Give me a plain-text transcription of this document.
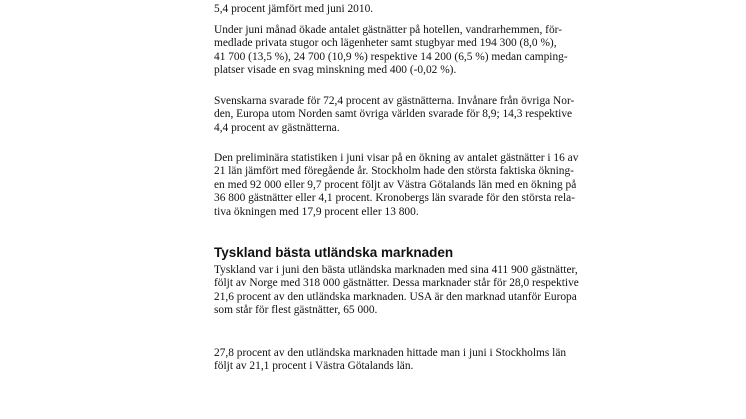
5,4 procent jämfört med juni 2010.

Under juni månad ökade antalet gästnätter på hotellen, vandrarhemmen, för-
medlade privata stugor och lägenheter samt stugbyar med 194 300 (8,0 %),
41 700 (13,5 %), 24 700 (10,9 %) respektive 14 200 (6,5 %) medan camping-
platser visade en svag minskning med 400 (-0,02 %).

Svenskarna svarade för 72,4 procent av gästnätterna. Invånare från övriga Nor-
den, Europa utom Norden samt övriga världen svarade för 8,9; 14,3 respektive
4,4 procent av gästnätterna.

Den preliminära statistiken i juni visar på en ökning av antalet gästnätter i 16 av
21 län jämfört med föregående år. Stockholm hade den största faktiska ökning-
en med 92 000 eller 9,7 procent följt av Västra Götalands län med en ökning på
36 800 gästnätter eller 4,1 procent. Kronobergs län svarade för den största rela-
tiva ökningen med 17,9 procent eller 13 800.

Tyskland bästa utländska marknaden

Tyskland var i juni den bästa utländska marknaden med sina 411 900 gästnätter,
följt av Norge med 318 000 gästnätter. Dessa marknader står för 28,0 respektive
21,6 procent av den utländska marknaden. USA är den marknad utanför Europa
som står för flest gästnätter, 65 000.

27,8 procent av den utländska marknaden hittade man i juni i Stockholms län
följt av 21,1 procent i Västra Götalands län.
